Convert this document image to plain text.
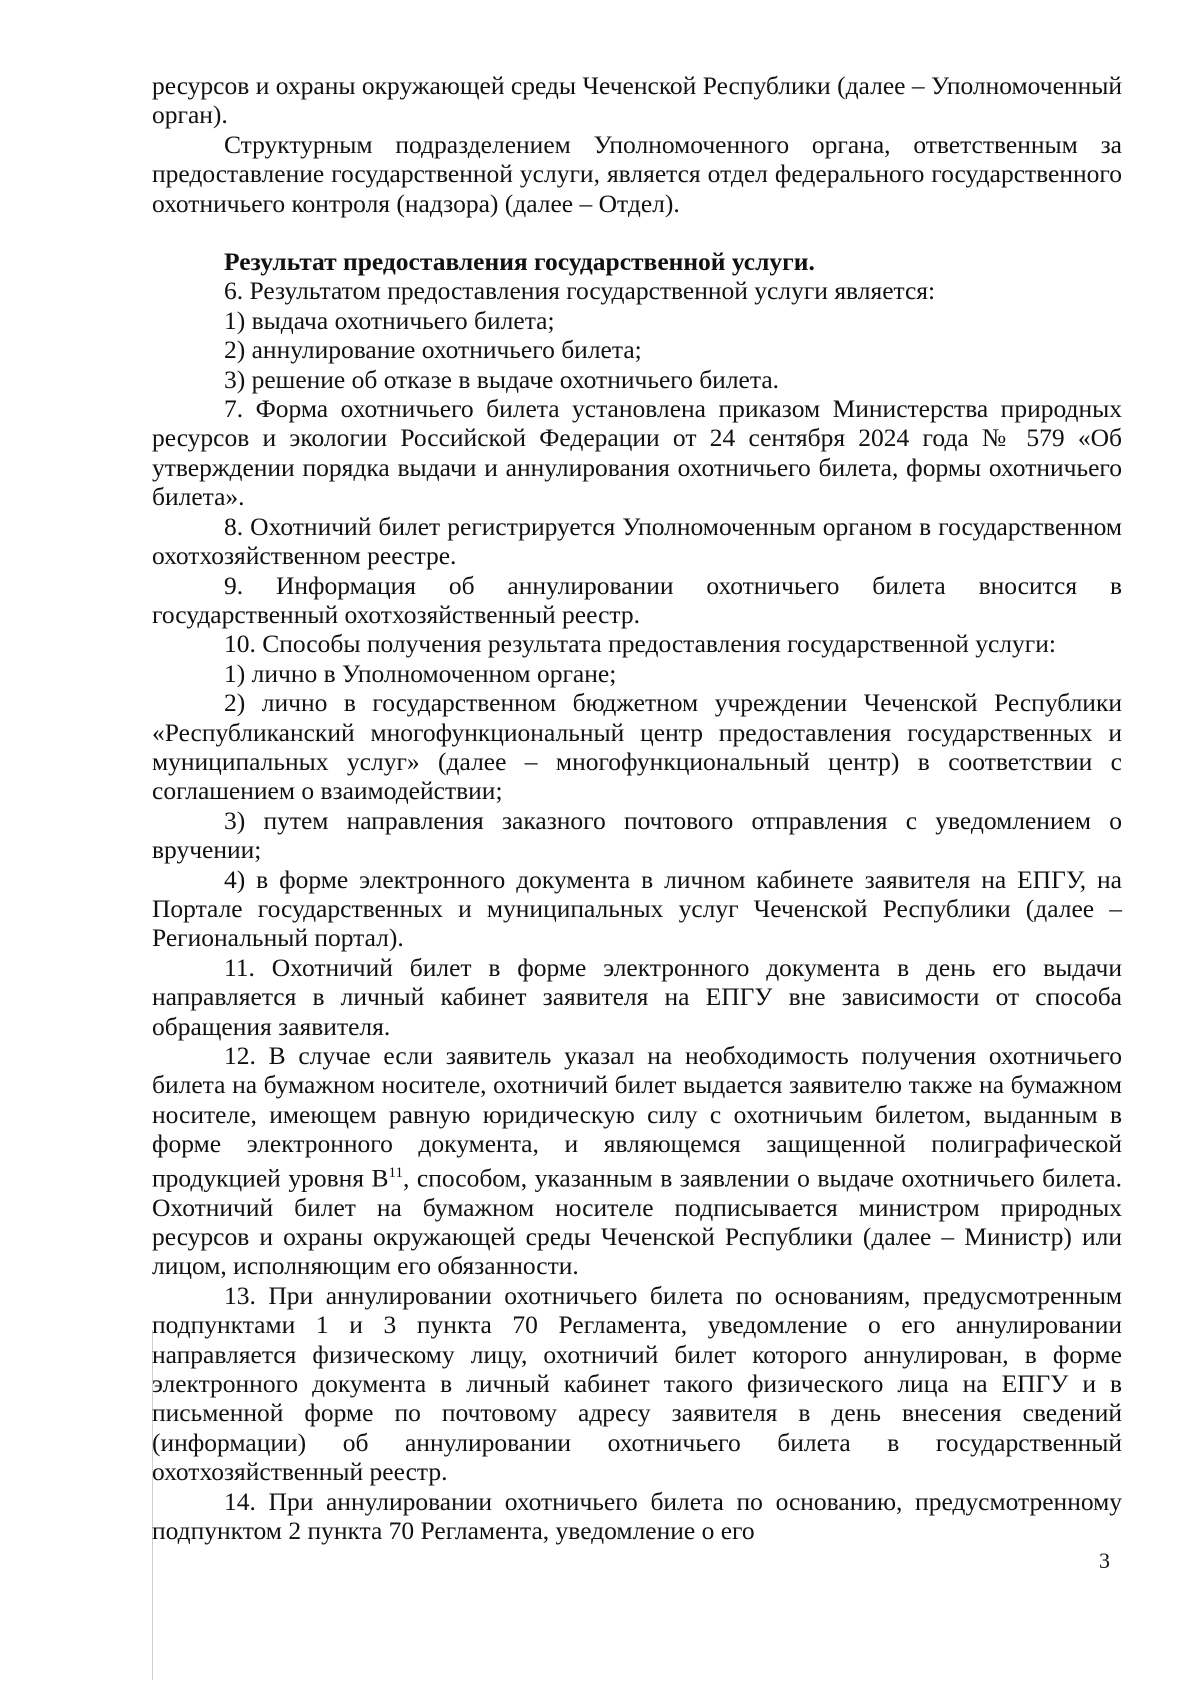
ресурсов и охраны окружающей среды Чеченской Республики (далее – Уполномоченный орган).

Структурным подразделением Уполномоченного органа, ответственным за предоставление государственной услуги, является отдел федерального государственного охотничьего контроля (надзора) (далее – Отдел).

Результат предоставления государственной услуги.

6. Результатом предоставления государственной услуги является:

1) выдача охотничьего билета;

2) аннулирование охотничьего билета;

3) решение об отказе в выдаче охотничьего билета.

7. Форма охотничьего билета установлена приказом Министерства природных ресурсов и экологии Российской Федерации от 24 сентября 2024 года № 579 «Об утверждении порядка выдачи и аннулирования охотничьего билета, формы охотничьего билета».

8. Охотничий билет регистрируется Уполномоченным органом в государственном охотхозяйственном реестре.

9. Информация об аннулировании охотничьего билета вносится в государственный охотхозяйственный реестр.

10. Способы получения результата предоставления государственной услуги:

1) лично в Уполномоченном органе;

2) лично в государственном бюджетном учреждении Чеченской Республики «Республиканский многофункциональный центр предоставления государственных и муниципальных услуг» (далее – многофункциональный центр) в соответствии с соглашением о взаимодействии;

3) путем направления заказного почтового отправления с уведомлением о вручении;

4) в форме электронного документа в личном кабинете заявителя на ЕПГУ, на Портале государственных и муниципальных услуг Чеченской Республики (далее – Региональный портал).

11. Охотничий билет в форме электронного документа в день его выдачи направляется в личный кабинет заявителя на ЕПГУ вне зависимости от способа обращения заявителя.

12. В случае если заявитель указал на необходимость получения охотничьего билета на бумажном носителе, охотничий билет выдается заявителю также на бумажном носителе, имеющем равную юридическую силу с охотничьим билетом, выданным в форме электронного документа, и являющемся защищенной полиграфической продукцией уровня $В^{11}$, способом, указанным в заявлении о выдаче охотничьего билета. Охотничий билет на бумажном носителе подписывается министром природных ресурсов и охраны окружающей среды Чеченской Республики (далее – Министр) или лицом, исполняющим его обязанности.

13. При аннулировании охотничьего билета по основаниям, предусмотренным подпунктами 1 и 3 пункта 70 Регламента, уведомление о его аннулировании направляется физическому лицу, охотничий билет которого аннулирован, в форме электронного документа в личный кабинет такого физического лица на ЕПГУ и в письменной форме по почтовому адресу заявителя в день внесения сведений (информации) об аннулировании охотничьего билета в государственный охотхозяйственный реестр.

14. При аннулировании охотничьего билета по основанию, предусмотренному подпунктом 2 пункта 70 Регламента, уведомление о его

3
